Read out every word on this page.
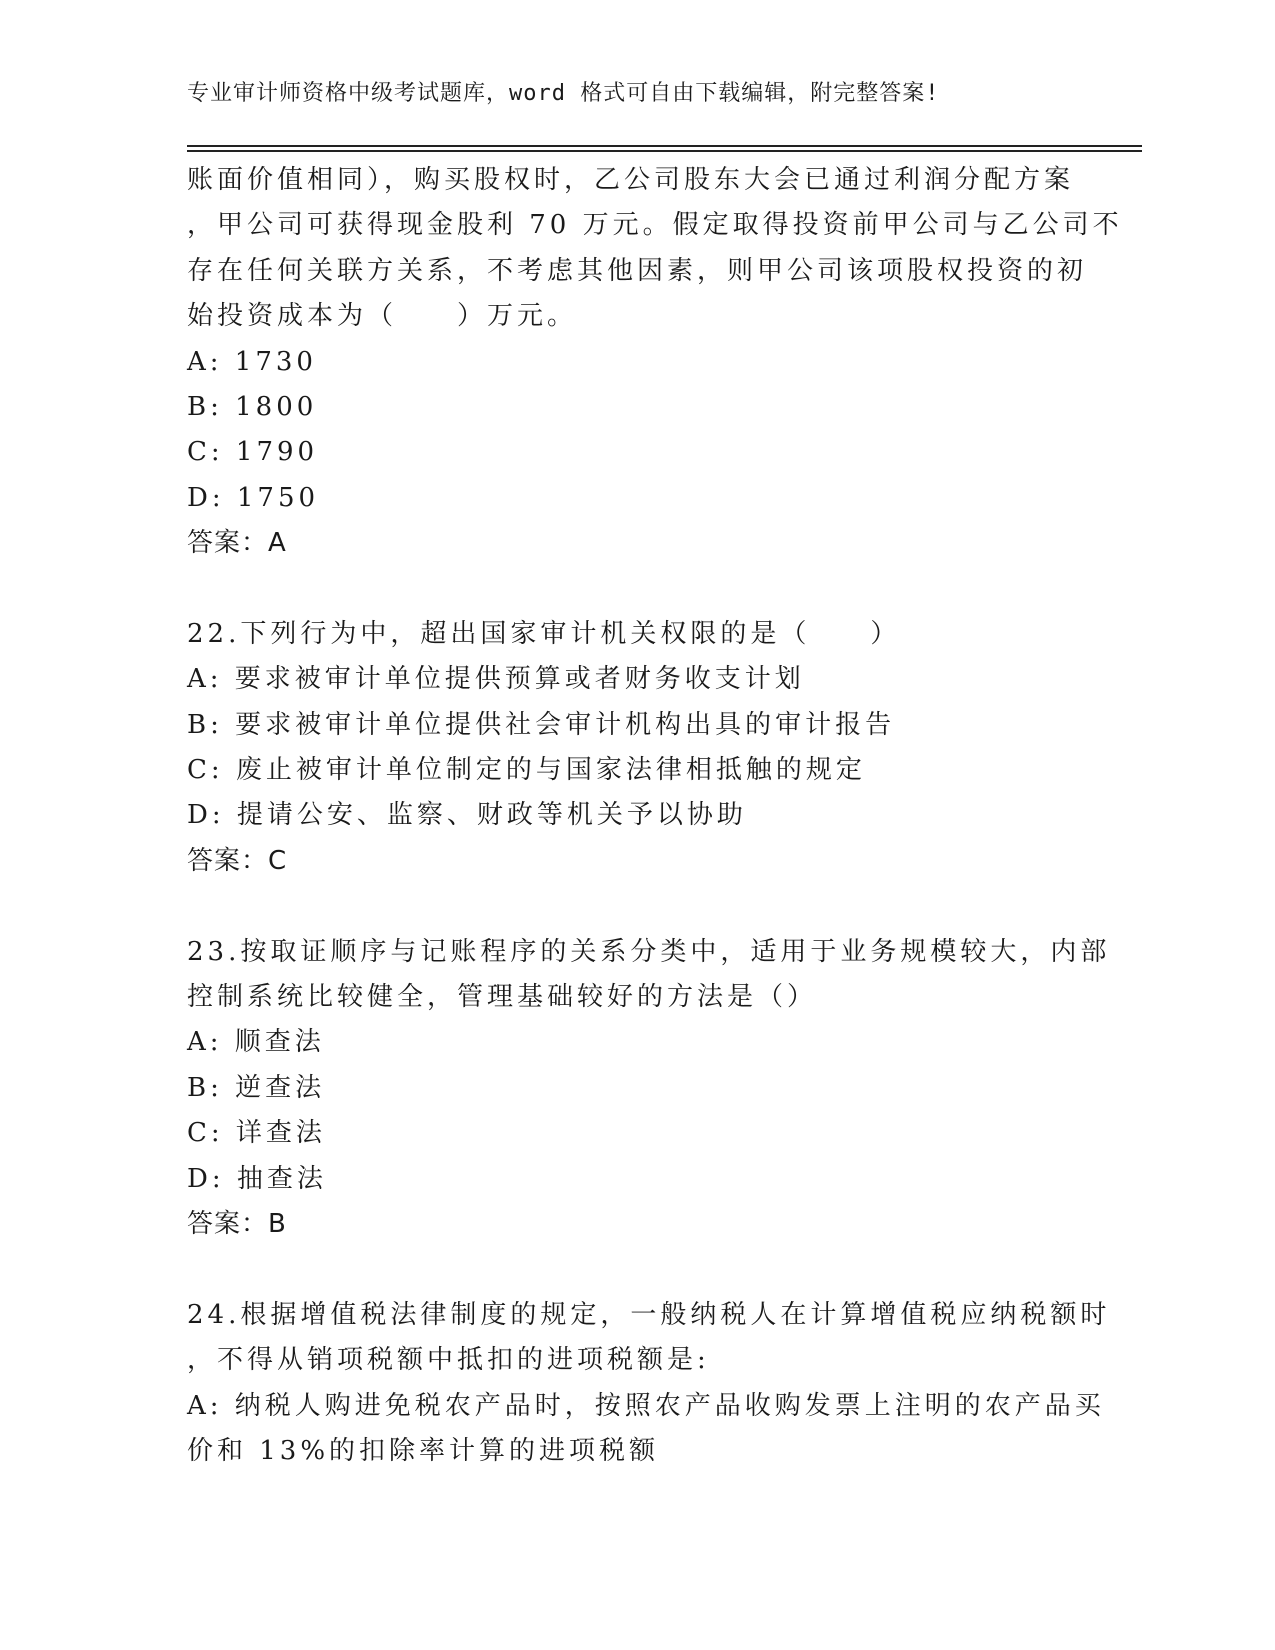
专业审计师资格中级考试题库，word 格式可自由下载编辑，附完整答案!
账面价值相同），购买股权时，乙公司股东大会已通过利润分配方案
，甲公司可获得现金股利 70 万元。假定取得投资前甲公司与乙公司不
存在任何关联方关系，不考虑其他因素，则甲公司该项股权投资的初
始投资成本为（　　）万元。
A: 1730
B: 1800
C: 1790
D: 1750
答案：A
22.下列行为中，超出国家审计机关权限的是（　　）
A: 要求被审计单位提供预算或者财务收支计划
B: 要求被审计单位提供社会审计机构出具的审计报告
C: 废止被审计单位制定的与国家法律相抵触的规定
D: 提请公安、监察、财政等机关予以协助
答案：C
23.按取证顺序与记账程序的关系分类中，适用于业务规模较大，内部
控制系统比较健全，管理基础较好的方法是（）
A: 顺查法
B: 逆查法
C: 详查法
D: 抽查法
答案：B
24.根据增值税法律制度的规定，一般纳税人在计算增值税应纳税额时
，不得从销项税额中抵扣的进项税额是:
A: 纳税人购进免税农产品时，按照农产品收购发票上注明的农产品买
价和 13%的扣除率计算的进项税额
